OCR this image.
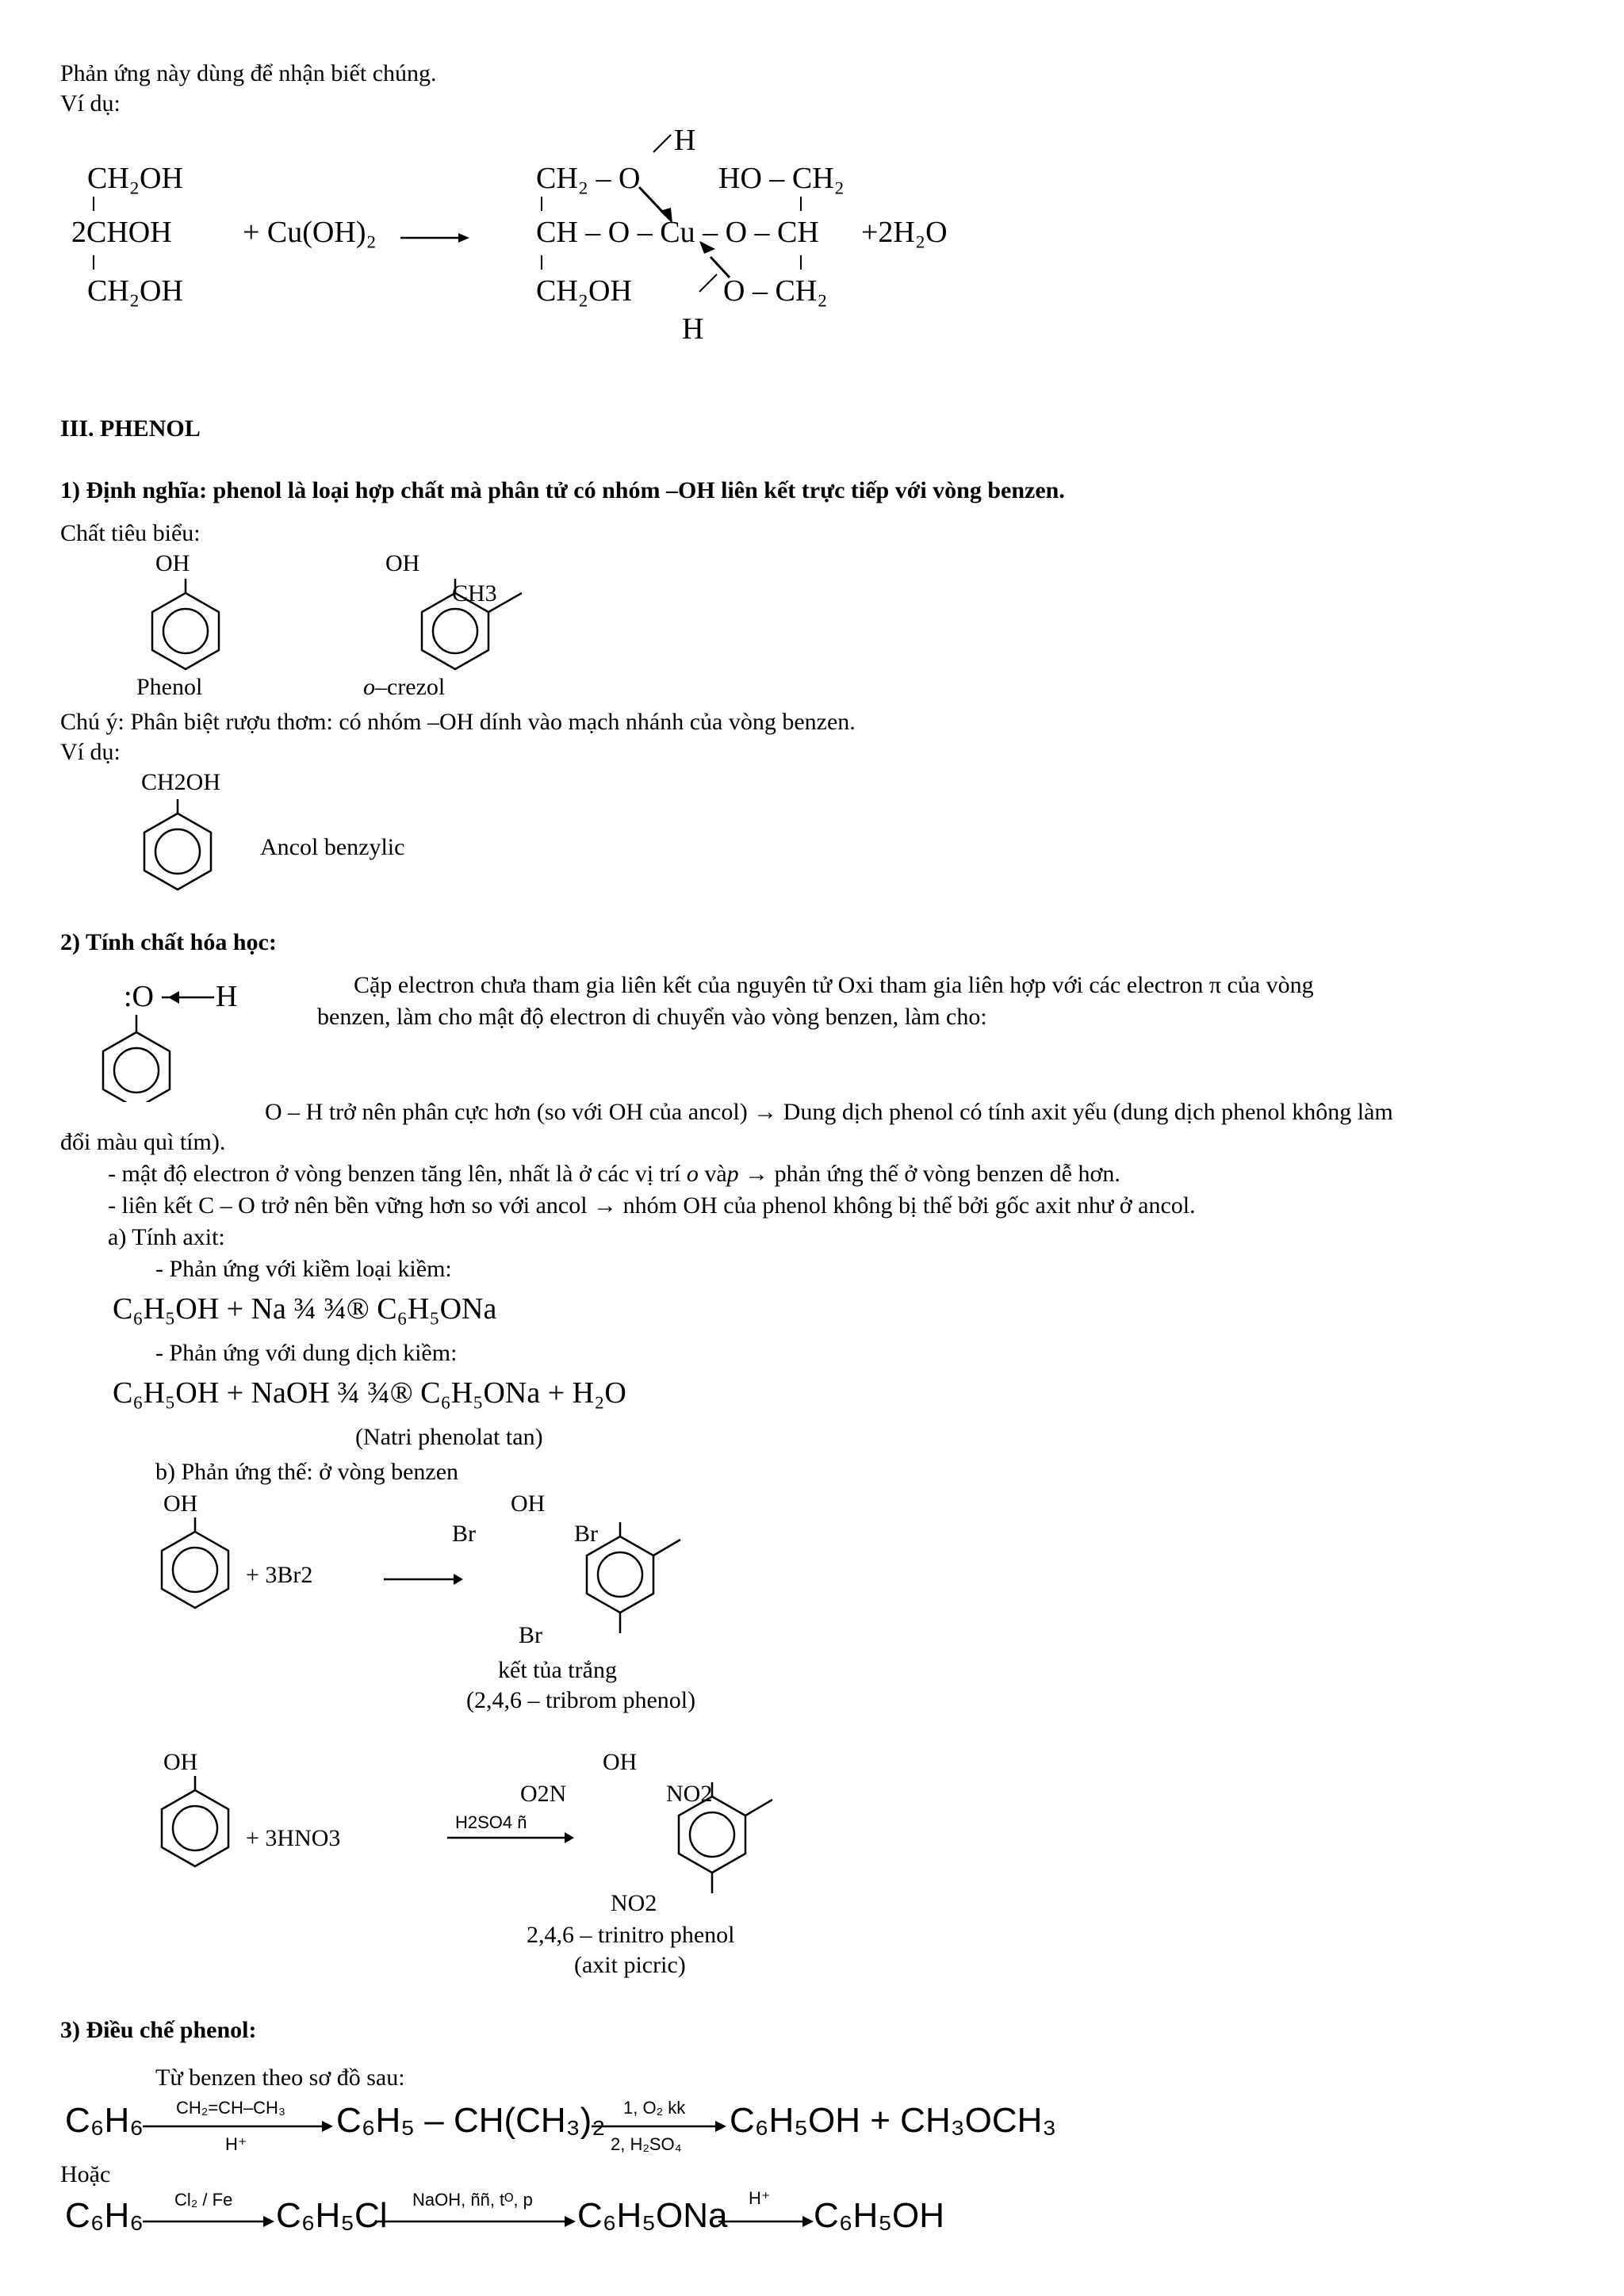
Phản ứng này dùng để nhận biết chúng.
Ví dụ:
CH₂OH
2CHOH
CH₂OH
+ Cu(OH)₂
H
CH₂ – O	HO – CH₂
CH – O – Cu – O – CH +2H₂O
CH₂OH	O – CH₂
H
III. PHENOL
1) Định nghĩa: phenol là loại hợp chất mà phân tử có nhóm –OH liên kết trực tiếp với vòng benzen.
Chất tiêu biểu:
OH
Phenol
OH
CH3
o–crezol
Chú ý: Phân biệt rượu thơm: có nhóm –OH dính vào mạch nhánh của vòng benzen.
Ví dụ:
CH2OH
Ancol benzylic
2) Tính chất hóa học:
:O H	Cặp electron chưa tham gia liên kết của nguyên tử Oxi tham gia liên hợp với các electron π của vòng
benzen, làm cho mật độ electron di chuyển vào vòng benzen, làm cho:
O – H trở nên phân cực hơn (so với OH của ancol) → Dung dịch phenol có tính axit yếu (dung dịch phenol không làm
đổi màu quì tím).
- mật độ electron ở vòng benzen tăng lên, nhất là ở các vị trí o vàp → phản ứng thế ở vòng benzen dễ hơn.
- liên kết C – O trở nên bền vững hơn so với ancol → nhóm OH của phenol không bị thế bởi gốc axit như ở ancol.
a) Tính axit:
- Phản ứng với kiềm loại kiềm:
C₆H₅OH + Na ¾ ¾® C₆H₅ONa
- Phản ứng với dung dịch kiềm:
C₆H₅OH + NaOH ¾ ¾® C₆H₅ONa + H₂O
(Natri phenolat tan)
b) Phản ứng thế: ở vòng benzen
OH
+ 3Br2
OH
Br	Br
Br
kết tủa trắng
(2,4,6 – tribrom phenol)
OH
+ 3HNO3
H2SO4 ñ
OH
O2N	NO2
NO2
2,4,6 – trinitro phenol
(axit picric)
3) Điều chế phenol:
Từ benzen theo sơ đồ sau:
C₆H₆ CH₂=CH–CH₃
H⁺
C₆H₅ – CH(CH₃)₂ 1, O₂ kk
2, H₂SO₄
C₆H₅OH + CH₃OCH₃
Hoặc
C₆H₆ Cl₂ / Fe C₆H₅Cl NaOH, ññ, tᴼ, p C₆H₅ONa H⁺ C₆H₅OH
